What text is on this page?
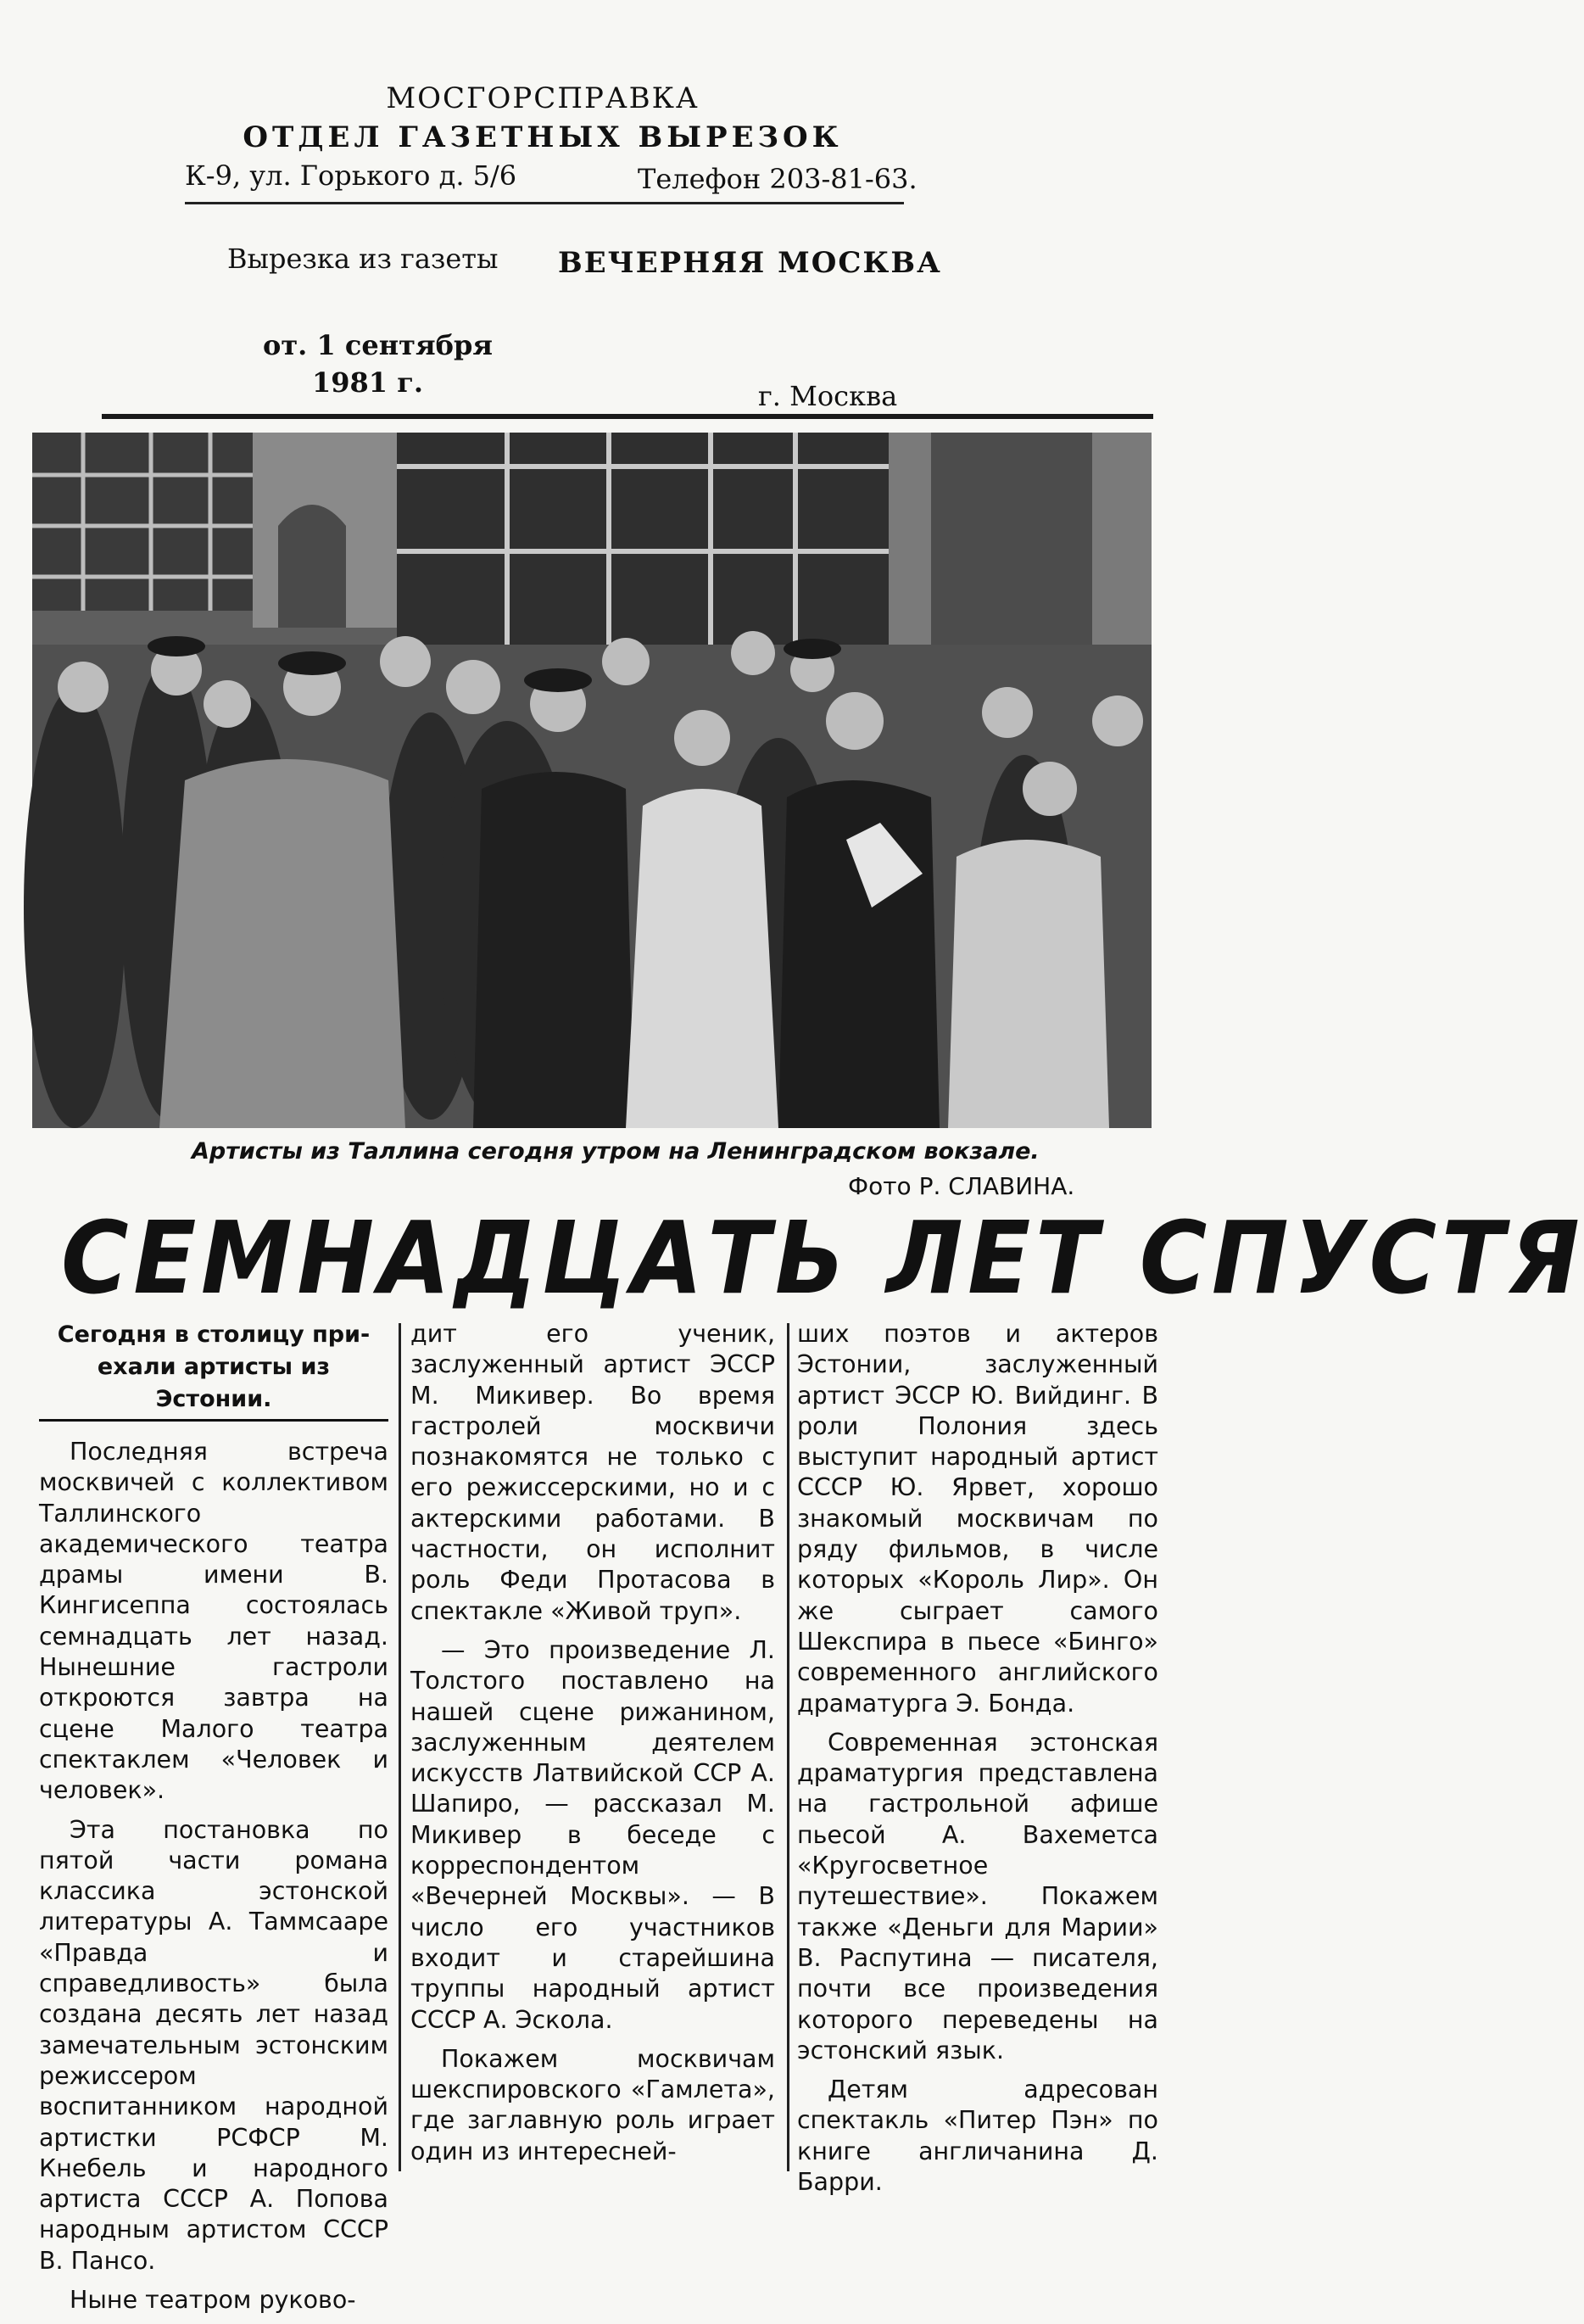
МОСГОРСПРАВКА
ОТДЕЛ ГАЗЕТНЫХ ВЫРЕЗОК
К-9, ул. Горького д. 5/6	Телефон 203-81-63.
Вырезка из газеты ВЕЧЕРНЯЯ МОСКВА
от. 1 сентября
1981 г.	г. Москва
Артисты из Таллина сегодня утром на Ленинградском вокзале.
Фото Р. СЛАВИНА.
СЕМНАДЦАТЬ ЛЕТ СПУСТЯ
Сегодня в столицу при-
ехали артисты из Эстонии.

Последняя встреча москвичей с коллективом Таллинского академического театра драмы имени В. Кингисеппа состоялась семнадцать лет назад. Нынешние гастроли откроются завтра на сцене Малого театра спектаклем «Человек и человек».

Эта постановка по пятой части романа классика эстонской литературы А. Таммсааре «Правда и справедливость» была создана десять лет назад замечательным эстонским режиссером воспитанником народной артистки РСФСР М. Кнебель и народного артиста СССР А. Попова народным артистом СССР В. Пансо.

Ныне театром руково-

дит его ученик, заслуженный артист ЭССР М. Микивер. Во время гастролей москвичи познакомятся не только с его режиссерскими, но и с актерскими работами. В частности, он исполнит роль Феди Протасова в спектакле «Живой труп».

— Это произведение Л. Толстого поставлено на нашей сцене рижанином, заслуженным деятелем искусств Латвийской ССР А. Шапиро, — рассказал М. Микивер в беседе с корреспондентом «Вечерней Москвы». — В число его участников входит и старейшина труппы народный артист СССР А. Эскола.

Покажем москвичам шекспировского «Гамлета», где заглавную роль играет один из интересней-

ших поэтов и актеров Эстонии, заслуженный артист ЭССР Ю. Вийдинг. В роли Полония здесь выступит народный артист СССР Ю. Ярвет, хорошо знакомый москвичам по ряду фильмов, в числе которых «Король Лир». Он же сыграет самого Шекспира в пьесе «Бинго» современного английского драматурга Э. Бонда.

Современная эстонская драматургия представлена на гастрольной афише пьесой А. Вахеметса «Кругосветное путешествие». Покажем также «Деньги для Марии» В. Распутина — писателя, почти все произведения которого переведены на эстонский язык.

Детям адресован спектакль «Питер Пэн» по книге англичанина Д. Барри.
